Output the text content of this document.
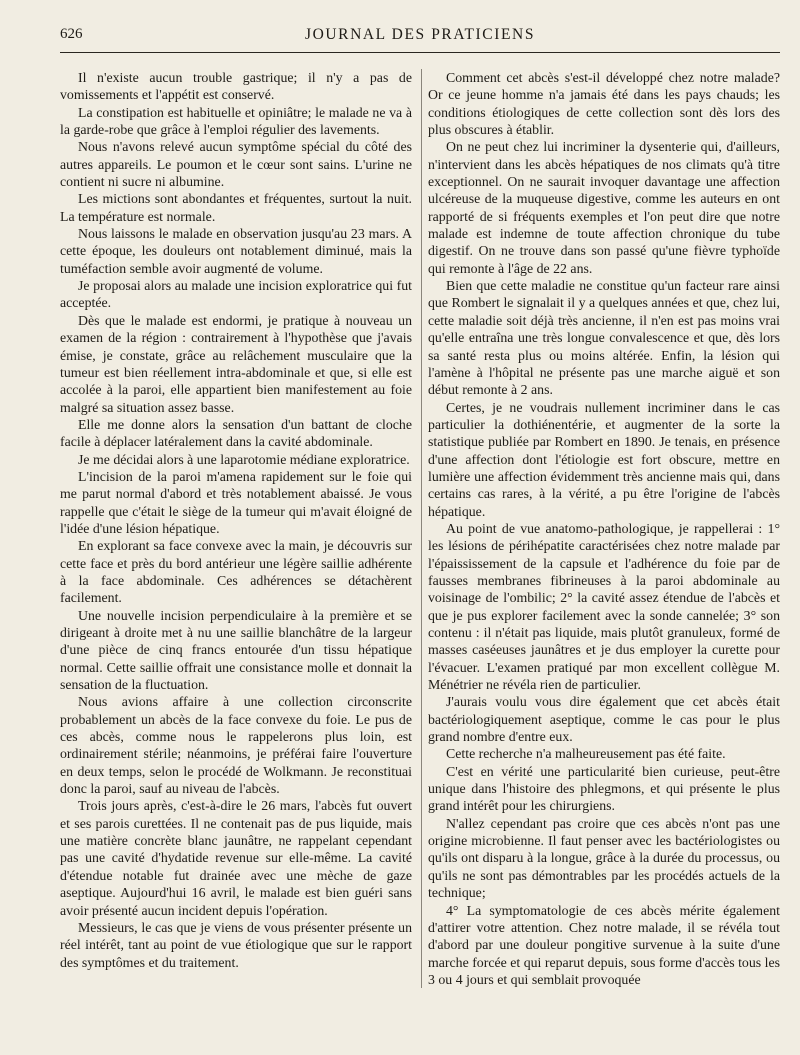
626	JOURNAL DES PRATICIENS

Il n'existe aucun trouble gastrique; il n'y a pas de vomissements et l'appétit est conservé.

La constipation est habituelle et opiniâtre; le malade ne va à la garde-robe que grâce à l'emploi régulier des lavements.

Nous n'avons relevé aucun symptôme spécial du côté des autres appareils. Le poumon et le cœur sont sains. L'urine ne contient ni sucre ni albumine.

Les mictions sont abondantes et fréquentes, surtout la nuit. La température est normale.

Nous laissons le malade en observation jusqu'au 23 mars. A cette époque, les douleurs ont notablement diminué, mais la tuméfaction semble avoir augmenté de volume.

Je proposai alors au malade une incision exploratrice qui fut acceptée.

Dès que le malade est endormi, je pratique à nouveau un examen de la région : contrairement à l'hypothèse que j'avais émise, je constate, grâce au relâchement musculaire que la tumeur est bien réellement intra-abdominale et que, si elle est accolée à la paroi, elle appartient bien manifestement au foie malgré sa situation assez basse.

Elle me donne alors la sensation d'un battant de cloche facile à déplacer latéralement dans la cavité abdominale.

Je me décidai alors à une laparotomie médiane exploratrice.

L'incision de la paroi m'amena rapidement sur le foie qui me parut normal d'abord et très notablement abaissé. Je vous rappelle que c'était le siège de la tumeur qui m'avait éloigné de l'idée d'une lésion hépatique.

En explorant sa face convexe avec la main, je découvris sur cette face et près du bord antérieur une légère saillie adhérente à la face abdominale. Ces adhérences se détachèrent facilement.

Une nouvelle incision perpendiculaire à la première et se dirigeant à droite met à nu une saillie blanchâtre de la largeur d'une pièce de cinq francs entourée d'un tissu hépatique normal. Cette saillie offrait une consistance molle et donnait la sensation de la fluctuation.

Nous avions affaire à une collection circonscrite probablement un abcès de la face convexe du foie. Le pus de ces abcès, comme nous le rappelerons plus loin, est ordinairement stérile; néanmoins, je préférai faire l'ouverture en deux temps, selon le procédé de Wolkmann. Je reconstituai donc la paroi, sauf au niveau de l'abcès.

Trois jours après, c'est-à-dire le 26 mars, l'abcès fut ouvert et ses parois curettées. Il ne contenait pas de pus liquide, mais une matière concrète blanc jaunâtre, ne rappelant cependant pas une cavité d'hydatide revenue sur elle-même. La cavité d'étendue notable fut drainée avec une mèche de gaze aseptique. Aujourd'hui 16 avril, le malade est bien guéri sans avoir présenté aucun incident depuis l'opération.

Messieurs, le cas que je viens de vous présenter présente un réel intérêt, tant au point de vue étiologique que sur le rapport des symptômes et du traitement.

Comment cet abcès s'est-il développé chez notre malade? Or ce jeune homme n'a jamais été dans les pays chauds; les conditions étiologiques de cette collection sont dès lors des plus obscures à établir.

On ne peut chez lui incriminer la dysenterie qui, d'ailleurs, n'intervient dans les abcès hépatiques de nos climats qu'à titre exceptionnel. On ne saurait invoquer davantage une affection ulcéreuse de la muqueuse digestive, comme les auteurs en ont rapporté de si fréquents exemples et l'on peut dire que notre malade est indemne de toute affection chronique du tube digestif. On ne trouve dans son passé qu'une fièvre typhoïde qui remonte à l'âge de 22 ans.

Bien que cette maladie ne constitue qu'un facteur rare ainsi que Rombert le signalait il y a quelques années et que, chez lui, cette maladie soit déjà très ancienne, il n'en est pas moins vrai qu'elle entraîna une très longue convalescence et que, dès lors sa santé resta plus ou moins altérée. Enfin, la lésion qui l'amène à l'hôpital ne présente pas une marche aiguë et son début remonte à 2 ans.

Certes, je ne voudrais nullement incriminer dans le cas particulier la dothiénentérie, et augmenter de la sorte la statistique publiée par Rombert en 1890. Je tenais, en présence d'une affection dont l'étiologie est fort obscure, mettre en lumière une affection évidemment très ancienne mais qui, dans certains cas rares, à la vérité, a pu être l'origine de l'abcès hépatique.

Au point de vue anatomo-pathologique, je rappellerai : 1° les lésions de périhépatite caractérisées chez notre malade par l'épaississement de la capsule et l'adhérence du foie par de fausses membranes fibrineuses à la paroi abdominale au voisinage de l'ombilic; 2° la cavité assez étendue de l'abcès et que je pus explorer facilement avec la sonde cannelée; 3° son contenu : il n'était pas liquide, mais plutôt granuleux, formé de masses caséeuses jaunâtres et je dus employer la curette pour l'évacuer. L'examen pratiqué par mon excellent collègue M. Ménétrier ne révéla rien de particulier.

J'aurais voulu vous dire également que cet abcès était bactériologiquement aseptique, comme le cas pour le plus grand nombre d'entre eux.

Cette recherche n'a malheureusement pas été faite.

C'est en vérité une particularité bien curieuse, peut-être unique dans l'histoire des phlegmons, et qui présente le plus grand intérêt pour les chirurgiens.

N'allez cependant pas croire que ces abcès n'ont pas une origine microbienne. Il faut penser avec les bactériologistes ou qu'ils ont disparu à la longue, grâce à la durée du processus, ou qu'ils ne sont pas démontrables par les procédés actuels de la technique;

4° La symptomatologie de ces abcès mérite également d'attirer votre attention. Chez notre malade, il se révéla tout d'abord par une douleur pongitive survenue à la suite d'une marche forcée et qui reparut depuis, sous forme d'accès tous les 3 ou 4 jours et qui semblait provoquée
